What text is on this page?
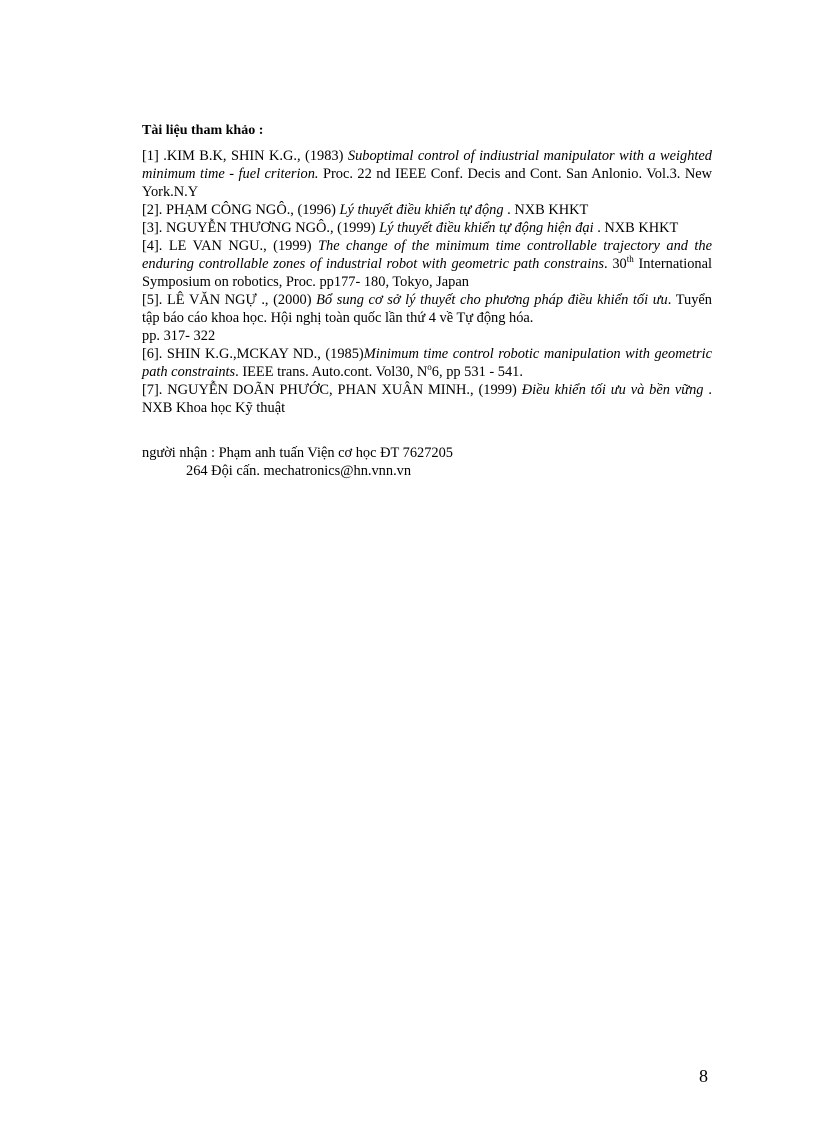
Tài liệu tham khảo :

[1] .KIM B.K, SHIN K.G., (1983) Suboptimal control of indiustrial manipulator with a weighted minimum time - fuel criterion. Proc. 22 nd IEEE Conf. Decis and Cont. San Anlonio. Vol.3. New York.N.Y

[2]. PHẠM CÔNG NGÔ., (1996) Lý thuyết điều khiển tự động . NXB KHKT

[3]. NGUYỄN THƯƠNG NGÔ., (1999) Lý thuyết điều khiển tự động hiện đại . NXB KHKT

[4]. LE VAN NGU., (1999) The change of the minimum time controllable trajectory and the enduring controllable zones of industrial robot with geometric path constrains. 30th International Symposium on robotics, Proc. pp177- 180, Tokyo, Japan

[5]. LÊ VĂN NGỰ ., (2000) Bổ sung cơ sở lý thuyết cho phương pháp điều khiển tối ưu. Tuyển tập báo cáo khoa học. Hội nghị toàn quốc lần thứ 4 về Tự động hóa.

pp. 317- 322

[6]. SHIN K.G.,MCKAY ND., (1985)Minimum time control robotic manipulation with geometric path constraints. IEEE trans. Auto.cont. Vol30, $N^o6$, pp 531 - 541.

[7]. NGUYỄN DOÃN PHƯỚC, PHAN XUÂN MINH., (1999) Điều khiển tối ưu và bền vững . NXB Khoa học Kỹ thuật

người nhận : Phạm anh tuấn Viện cơ học ĐT 7627205
264 Đội cấn. mechatronics@hn.vnn.vn
8
